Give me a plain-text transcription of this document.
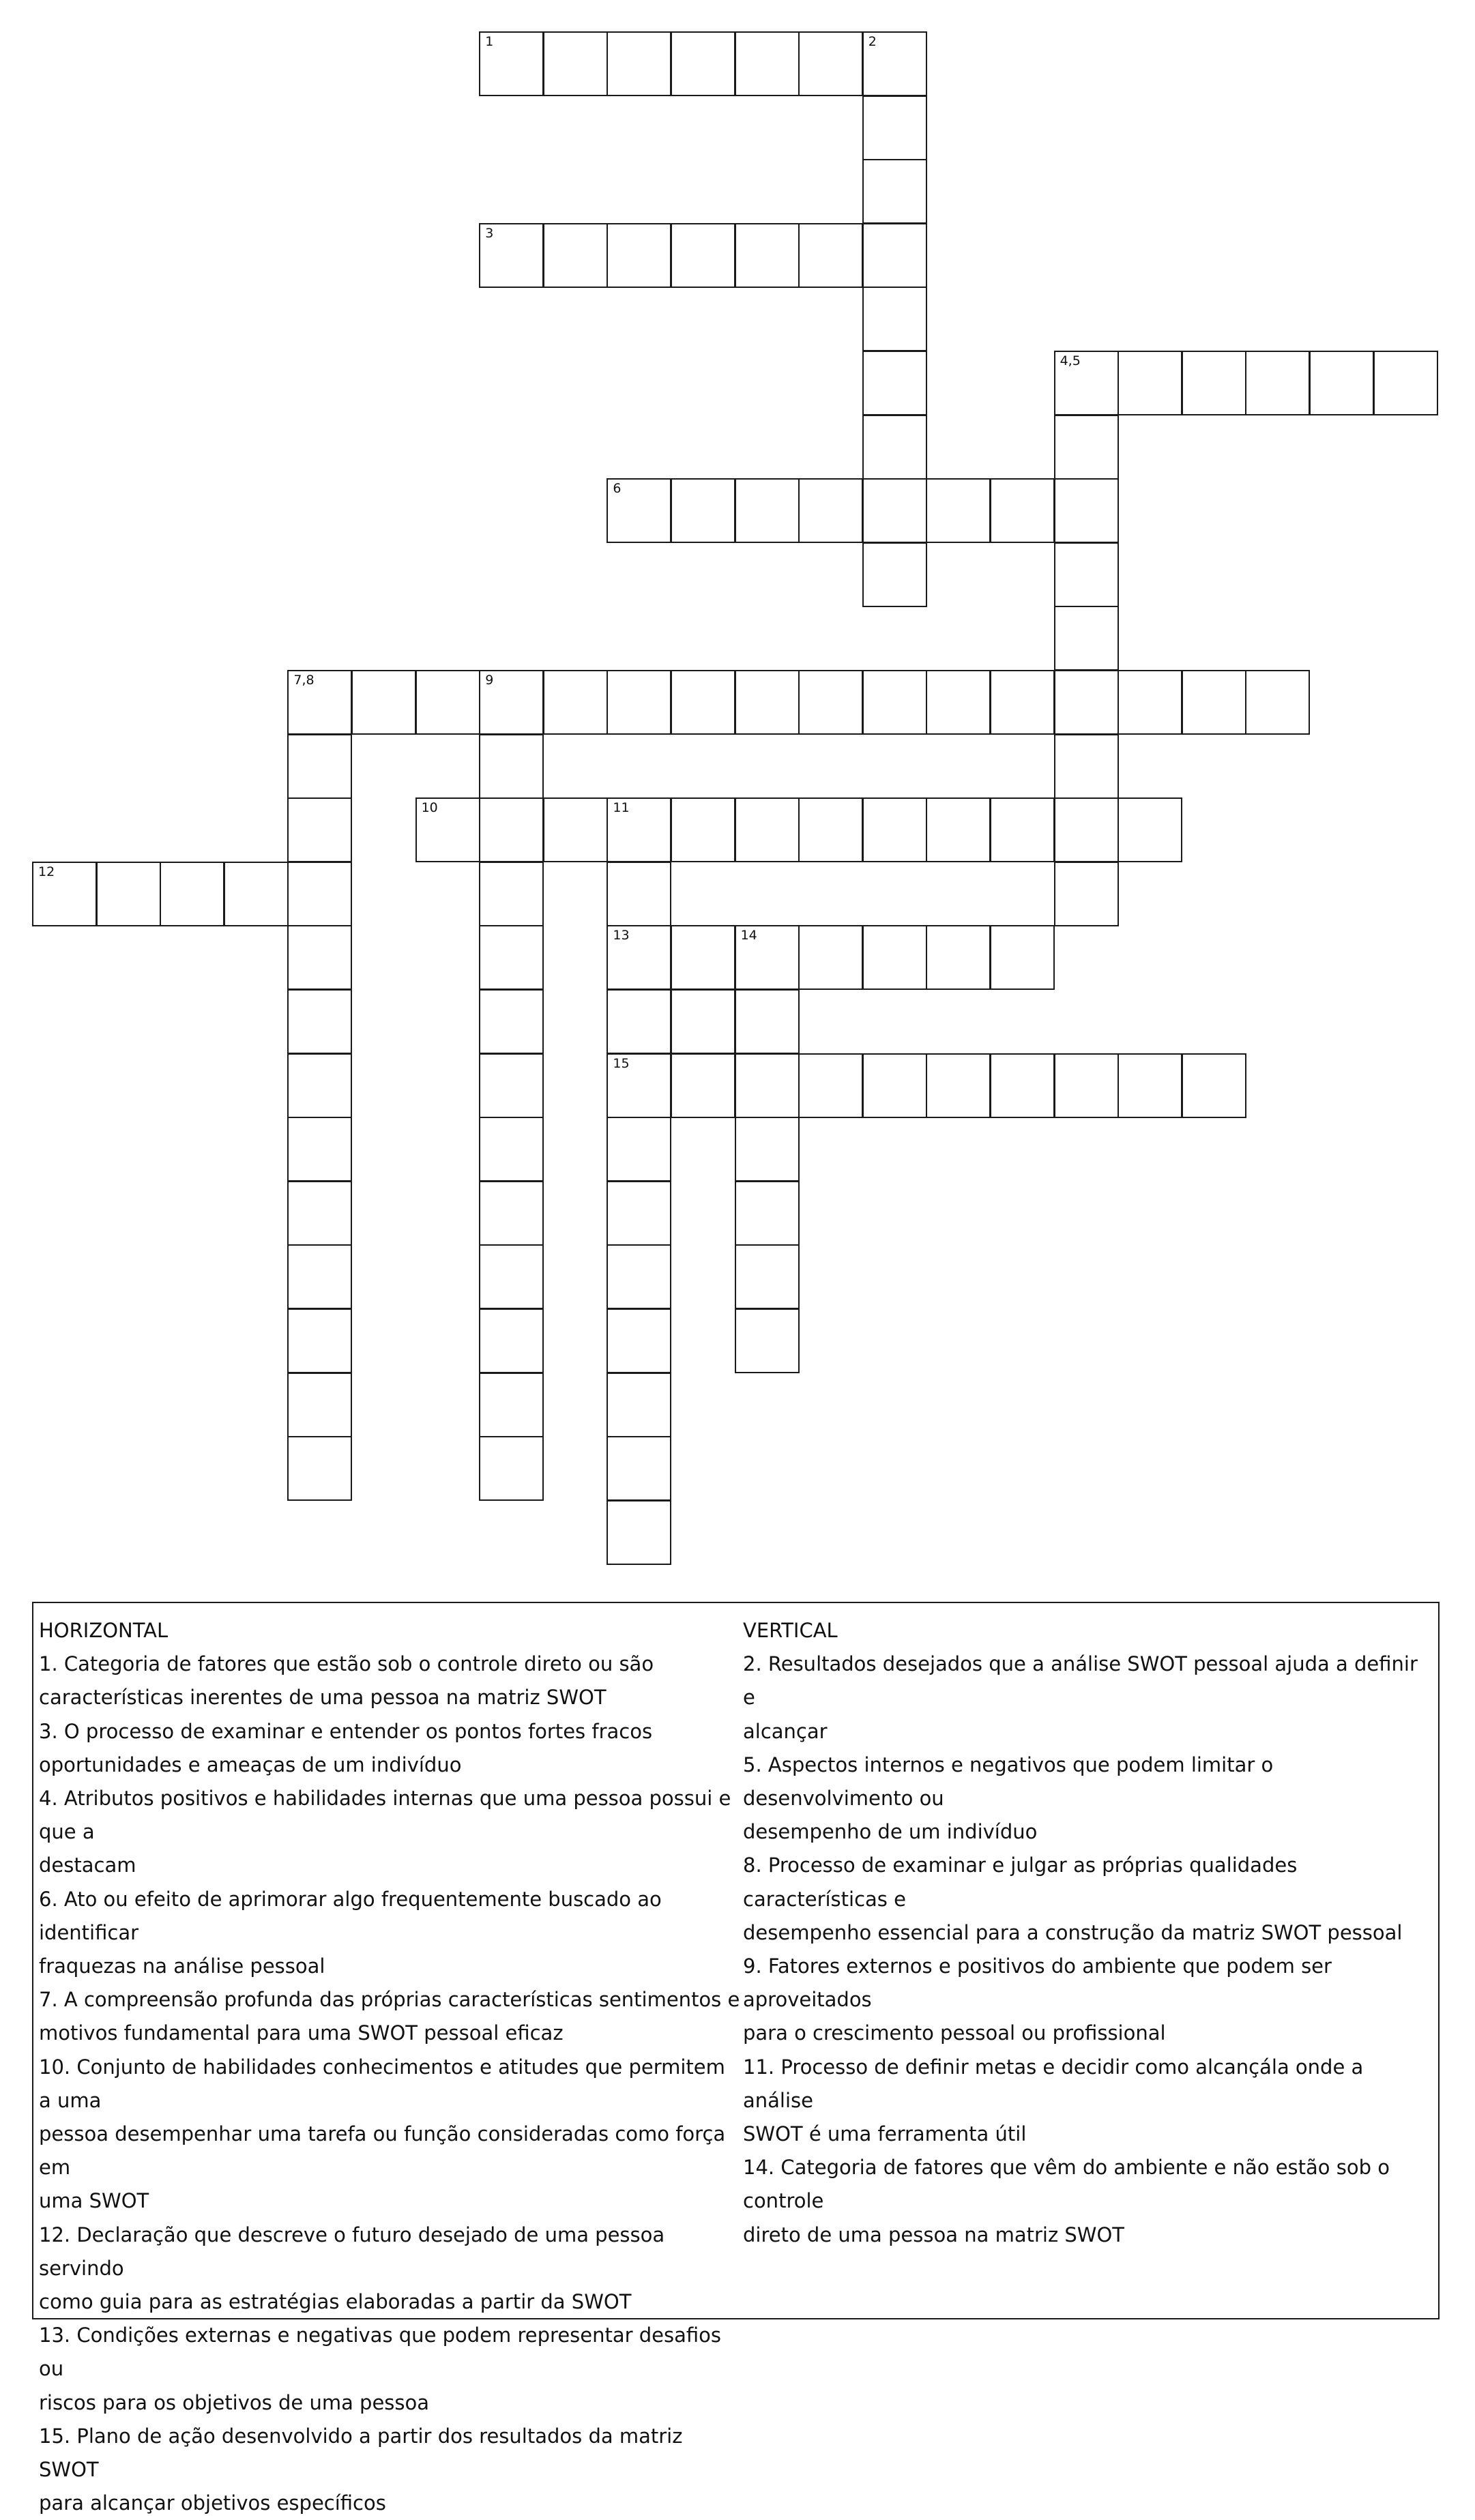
1	2
3
4,5
6
7,8	9
10	11
12
13	14
15
HORIZONTAL
1. Categoria de fatores que estão sob o controle direto ou são
características inerentes de uma pessoa na matriz SWOT
3. O processo de examinar e entender os pontos fortes fracos
oportunidades e ameaças de um indivíduo
4. Atributos positivos e habilidades internas que uma pessoa possui e que a
destacam
6. Ato ou efeito de aprimorar algo frequentemente buscado ao identificar
fraquezas na análise pessoal
7. A compreensão profunda das próprias características sentimentos e
motivos fundamental para uma SWOT pessoal eficaz
10. Conjunto de habilidades conhecimentos e atitudes que permitem a uma
pessoa desempenhar uma tarefa ou função consideradas como força em
uma SWOT
12. Declaração que descreve o futuro desejado de uma pessoa servindo
como guia para as estratégias elaboradas a partir da SWOT
13. Condições externas e negativas que podem representar desafios ou
riscos para os objetivos de uma pessoa
15. Plano de ação desenvolvido a partir dos resultados da matriz SWOT
para alcançar objetivos específicos
VERTICAL
2. Resultados desejados que a análise SWOT pessoal ajuda a definir e
alcançar
5. Aspectos internos e negativos que podem limitar o desenvolvimento ou
desempenho de um indivíduo
8. Processo de examinar e julgar as próprias qualidades características e
desempenho essencial para a construção da matriz SWOT pessoal
9. Fatores externos e positivos do ambiente que podem ser aproveitados
para o crescimento pessoal ou profissional
11. Processo de definir metas e decidir como alcançála onde a análise
SWOT é uma ferramenta útil
14. Categoria de fatores que vêm do ambiente e não estão sob o controle
direto de uma pessoa na matriz SWOT
